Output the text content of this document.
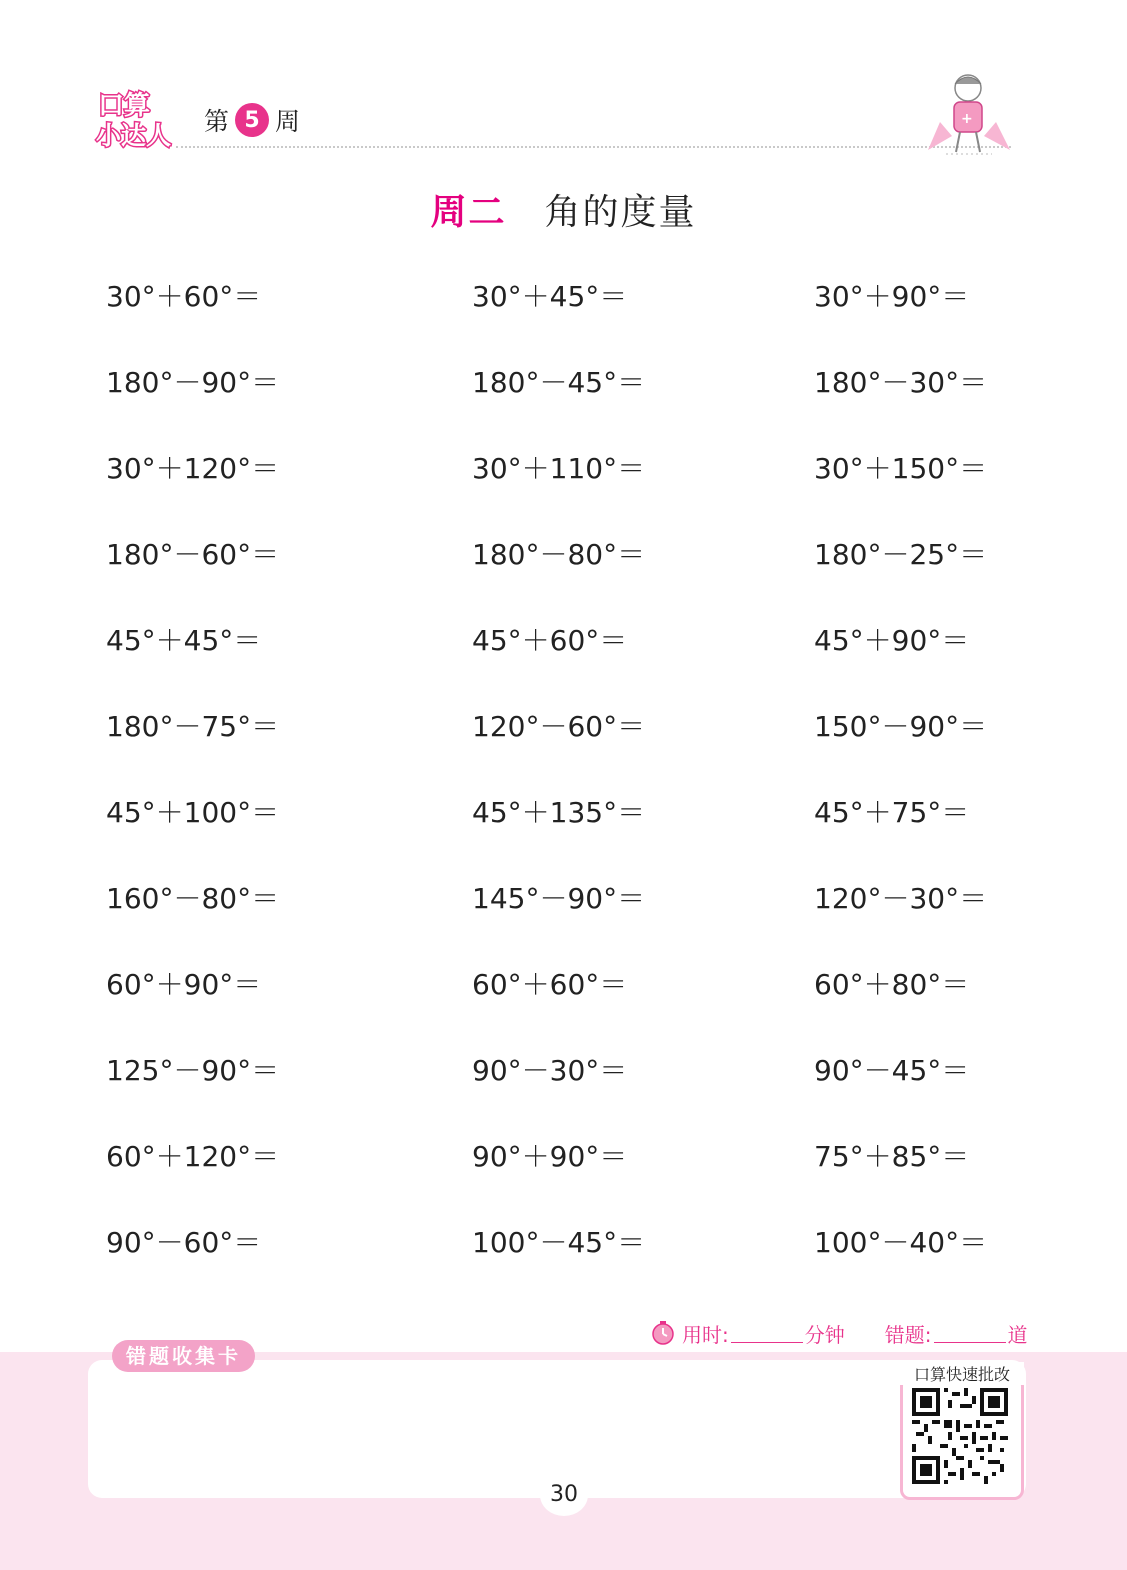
口算
小达人 第 5 周	+
周二 角的度量
30°＋60°＝	30°＋45°＝	30°＋90°＝
180°－90°＝	180°－45°＝	180°－30°＝
30°＋120°＝	30°＋110°＝	30°＋150°＝
180°－60°＝	180°－80°＝	180°－25°＝
45°＋45°＝	45°＋60°＝	45°＋90°＝
180°－75°＝	120°－60°＝	150°－90°＝
45°＋100°＝	45°＋135°＝	45°＋75°＝
160°－80°＝	145°－90°＝	120°－30°＝
60°＋90°＝	60°＋60°＝	60°＋80°＝
125°－90°＝	90°－30°＝	90°－45°＝
60°＋120°＝	90°＋90°＝	75°＋85°＝
90°－60°＝	100°－45°＝	100°－40°＝
用时:	分钟 错题:	道
错题收集卡
口算快速批改
30
